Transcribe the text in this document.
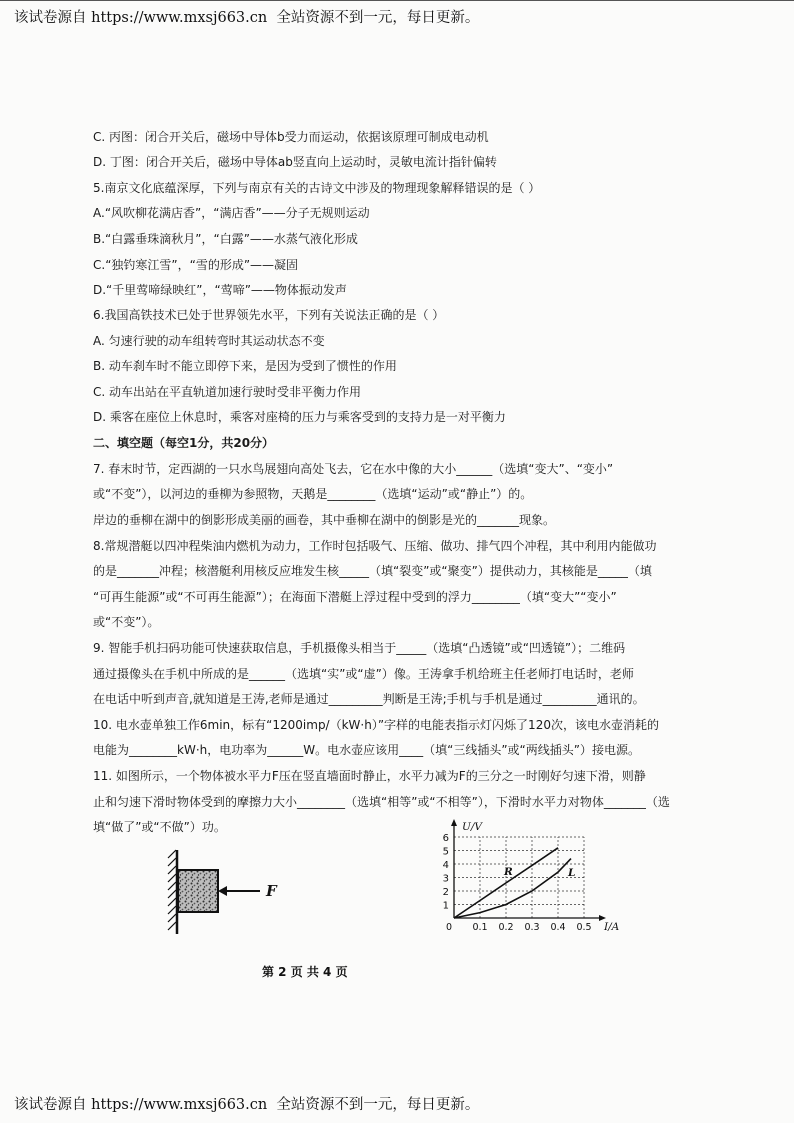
该试卷源自 https://www.mxsj663.cn  全站资源不到一元，每日更新。
C. 丙图：闭合开关后，磁场中导体b受力而运动，依据该原理可制成电动机
D. 丁图：闭合开关后，磁场中导体ab竖直向上运动时，灵敏电流计指针偏转
5.南京文化底蕴深厚，下列与南京有关的古诗文中涉及的物理现象解释错误的是（ ）
A.“风吹柳花满店香”，“满店香”——分子无规则运动
B.“白露垂珠滴秋月”，“白露”——水蒸气液化形成
C.“独钓寒江雪”，“雪的形成”——凝固
D.“千里莺啼绿映红”，“莺啼”——物体振动发声
6.我国高铁技术已处于世界领先水平，下列有关说法正确的是（ ）
A. 匀速行驶的动车组转弯时其运动状态不变
B. 动车刹车时不能立即停下来，是因为受到了惯性的作用
C. 动车出站在平直轨道加速行驶时受非平衡力作用
D. 乘客在座位上休息时，乘客对座椅的压力与乘客受到的支持力是一对平衡力
二、填空题（每空1分，共20分）
7. 春末时节，定西湖的一只水鸟展翅向高处飞去，它在水中像的大小______（选填“变大”、“变小”
或“不变”），以河边的垂柳为参照物，天鹅是________（选填“运动”或“静止”）的。
岸边的垂柳在湖中的倒影形成美丽的画卷，其中垂柳在湖中的倒影是光的_______现象。
8.常规潜艇以四冲程柴油内燃机为动力，工作时包括吸气、压缩、做功、排气四个冲程，其中利用内能做功
的是_______冲程；核潜艇利用核反应堆发生核_____（填“裂变”或“聚变”）提供动力，其核能是_____（填
“可再生能源”或“不可再生能源”）；在海面下潜艇上浮过程中受到的浮力________（填“变大”“变小”
或“不变”）。
9. 智能手机扫码功能可快速获取信息，手机摄像头相当于_____（选填“凸透镜”或“凹透镜”）；二维码
通过摄像头在手机中所成的是______（选填“实”或“虚”）像。王涛拿手机给班主任老师打电话时，老师
在电话中听到声音,就知道是王涛,老师是通过_________判断是王涛;手机与手机是通过_________通讯的。
10. 电水壶单独工作6min，标有“1200imp/（kW·h）”字样的电能表指示灯闪烁了120次，该电水壶消耗的
电能为________kW·h，电功率为______W。电水壶应该用____（填“三线插头”或“两线插头”）接电源。
11. 如图所示，一个物体被水平力F压在竖直墙面时静止，水平力减为F的三分之一时刚好匀速下滑，则静
止和匀速下滑时物体受到的摩擦力大小________（选填“相等”或“不相等”），下滑时水平力对物体_______（选
填“做了”或“不做”）功。
F
1
2
3
4
5
6
0 0.1 0.2 0.3 0.4 0.5
U/V
I/A
R	L
第 2 页 共 4 页
该试卷源自 https://www.mxsj663.cn  全站资源不到一元，每日更新。
